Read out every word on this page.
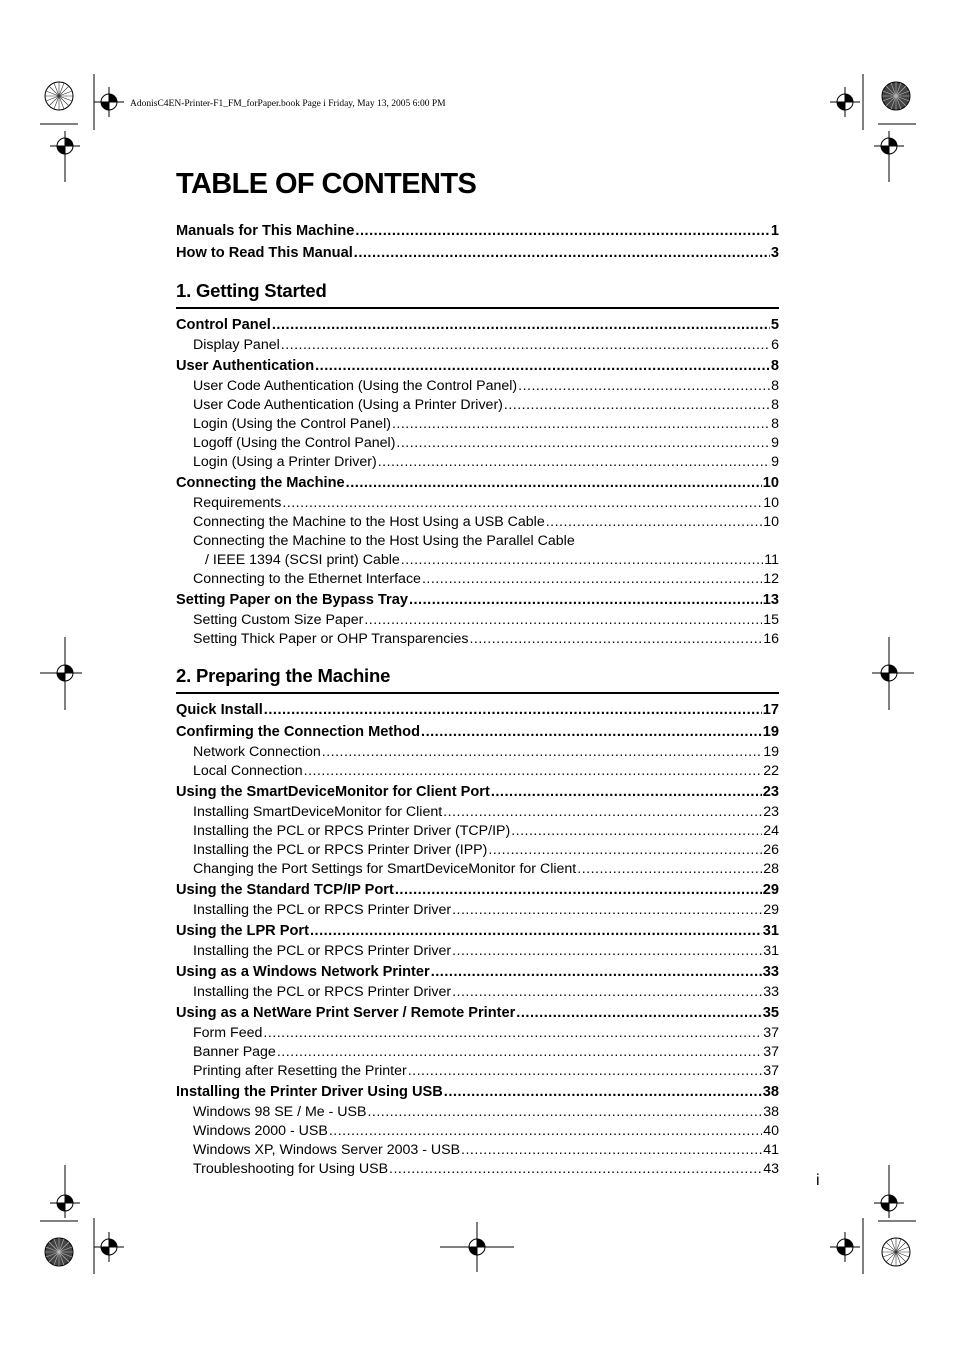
AdonisC4EN-Printer-F1_FM_forPaper.book Page i Friday, May 13, 2005 6:00 PM
TABLE OF CONTENTS
Manuals for This Machine .....	1
How to Read This Manual .....	3
1. Getting Started
Control Panel .....	5
Display Panel .....	6
User Authentication .....	8
User Code Authentication (Using the Control Panel) .....	8
User Code Authentication (Using a Printer Driver) .....	8
Login (Using the Control Panel) .....	8
Logoff (Using the Control Panel) .....	9
Login (Using a Printer Driver) .....	9
Connecting the Machine .....	10
Requirements .....	10
Connecting the Machine to the Host Using a USB Cable .....	10
Connecting the Machine to the Host Using the Parallel Cable
/ IEEE 1394 (SCSI print) Cable .....	11
Connecting to the Ethernet Interface .....	12
Setting Paper on the Bypass Tray .....	13
Setting Custom Size Paper .....	15
Setting Thick Paper or OHP Transparencies .....	16
2. Preparing the Machine
Quick Install .....	17
Confirming the Connection Method .....	19
Network Connection .....	19
Local Connection .....	22
Using the SmartDeviceMonitor for Client Port .....	23
Installing SmartDeviceMonitor for Client .....	23
Installing the PCL or RPCS Printer Driver (TCP/IP) .....	24
Installing the PCL or RPCS Printer Driver (IPP) .....	26
Changing the Port Settings for SmartDeviceMonitor for Client .....	28
Using the Standard TCP/IP Port .....	29
Installing the PCL or RPCS Printer Driver .....	29
Using the LPR Port .....	31
Installing the PCL or RPCS Printer Driver .....	31
Using as a Windows Network Printer .....	33
Installing the PCL or RPCS Printer Driver .....	33
Using as a NetWare Print Server / Remote Printer .....	35
Form Feed .....	37
Banner Page .....	37
Printing after Resetting the Printer .....	37
Installing the Printer Driver Using USB .....	38
Windows 98 SE / Me - USB .....	38
Windows 2000 - USB .....	40
Windows XP, Windows Server 2003 - USB .....	41
Troubleshooting for Using USB .....	43
i
